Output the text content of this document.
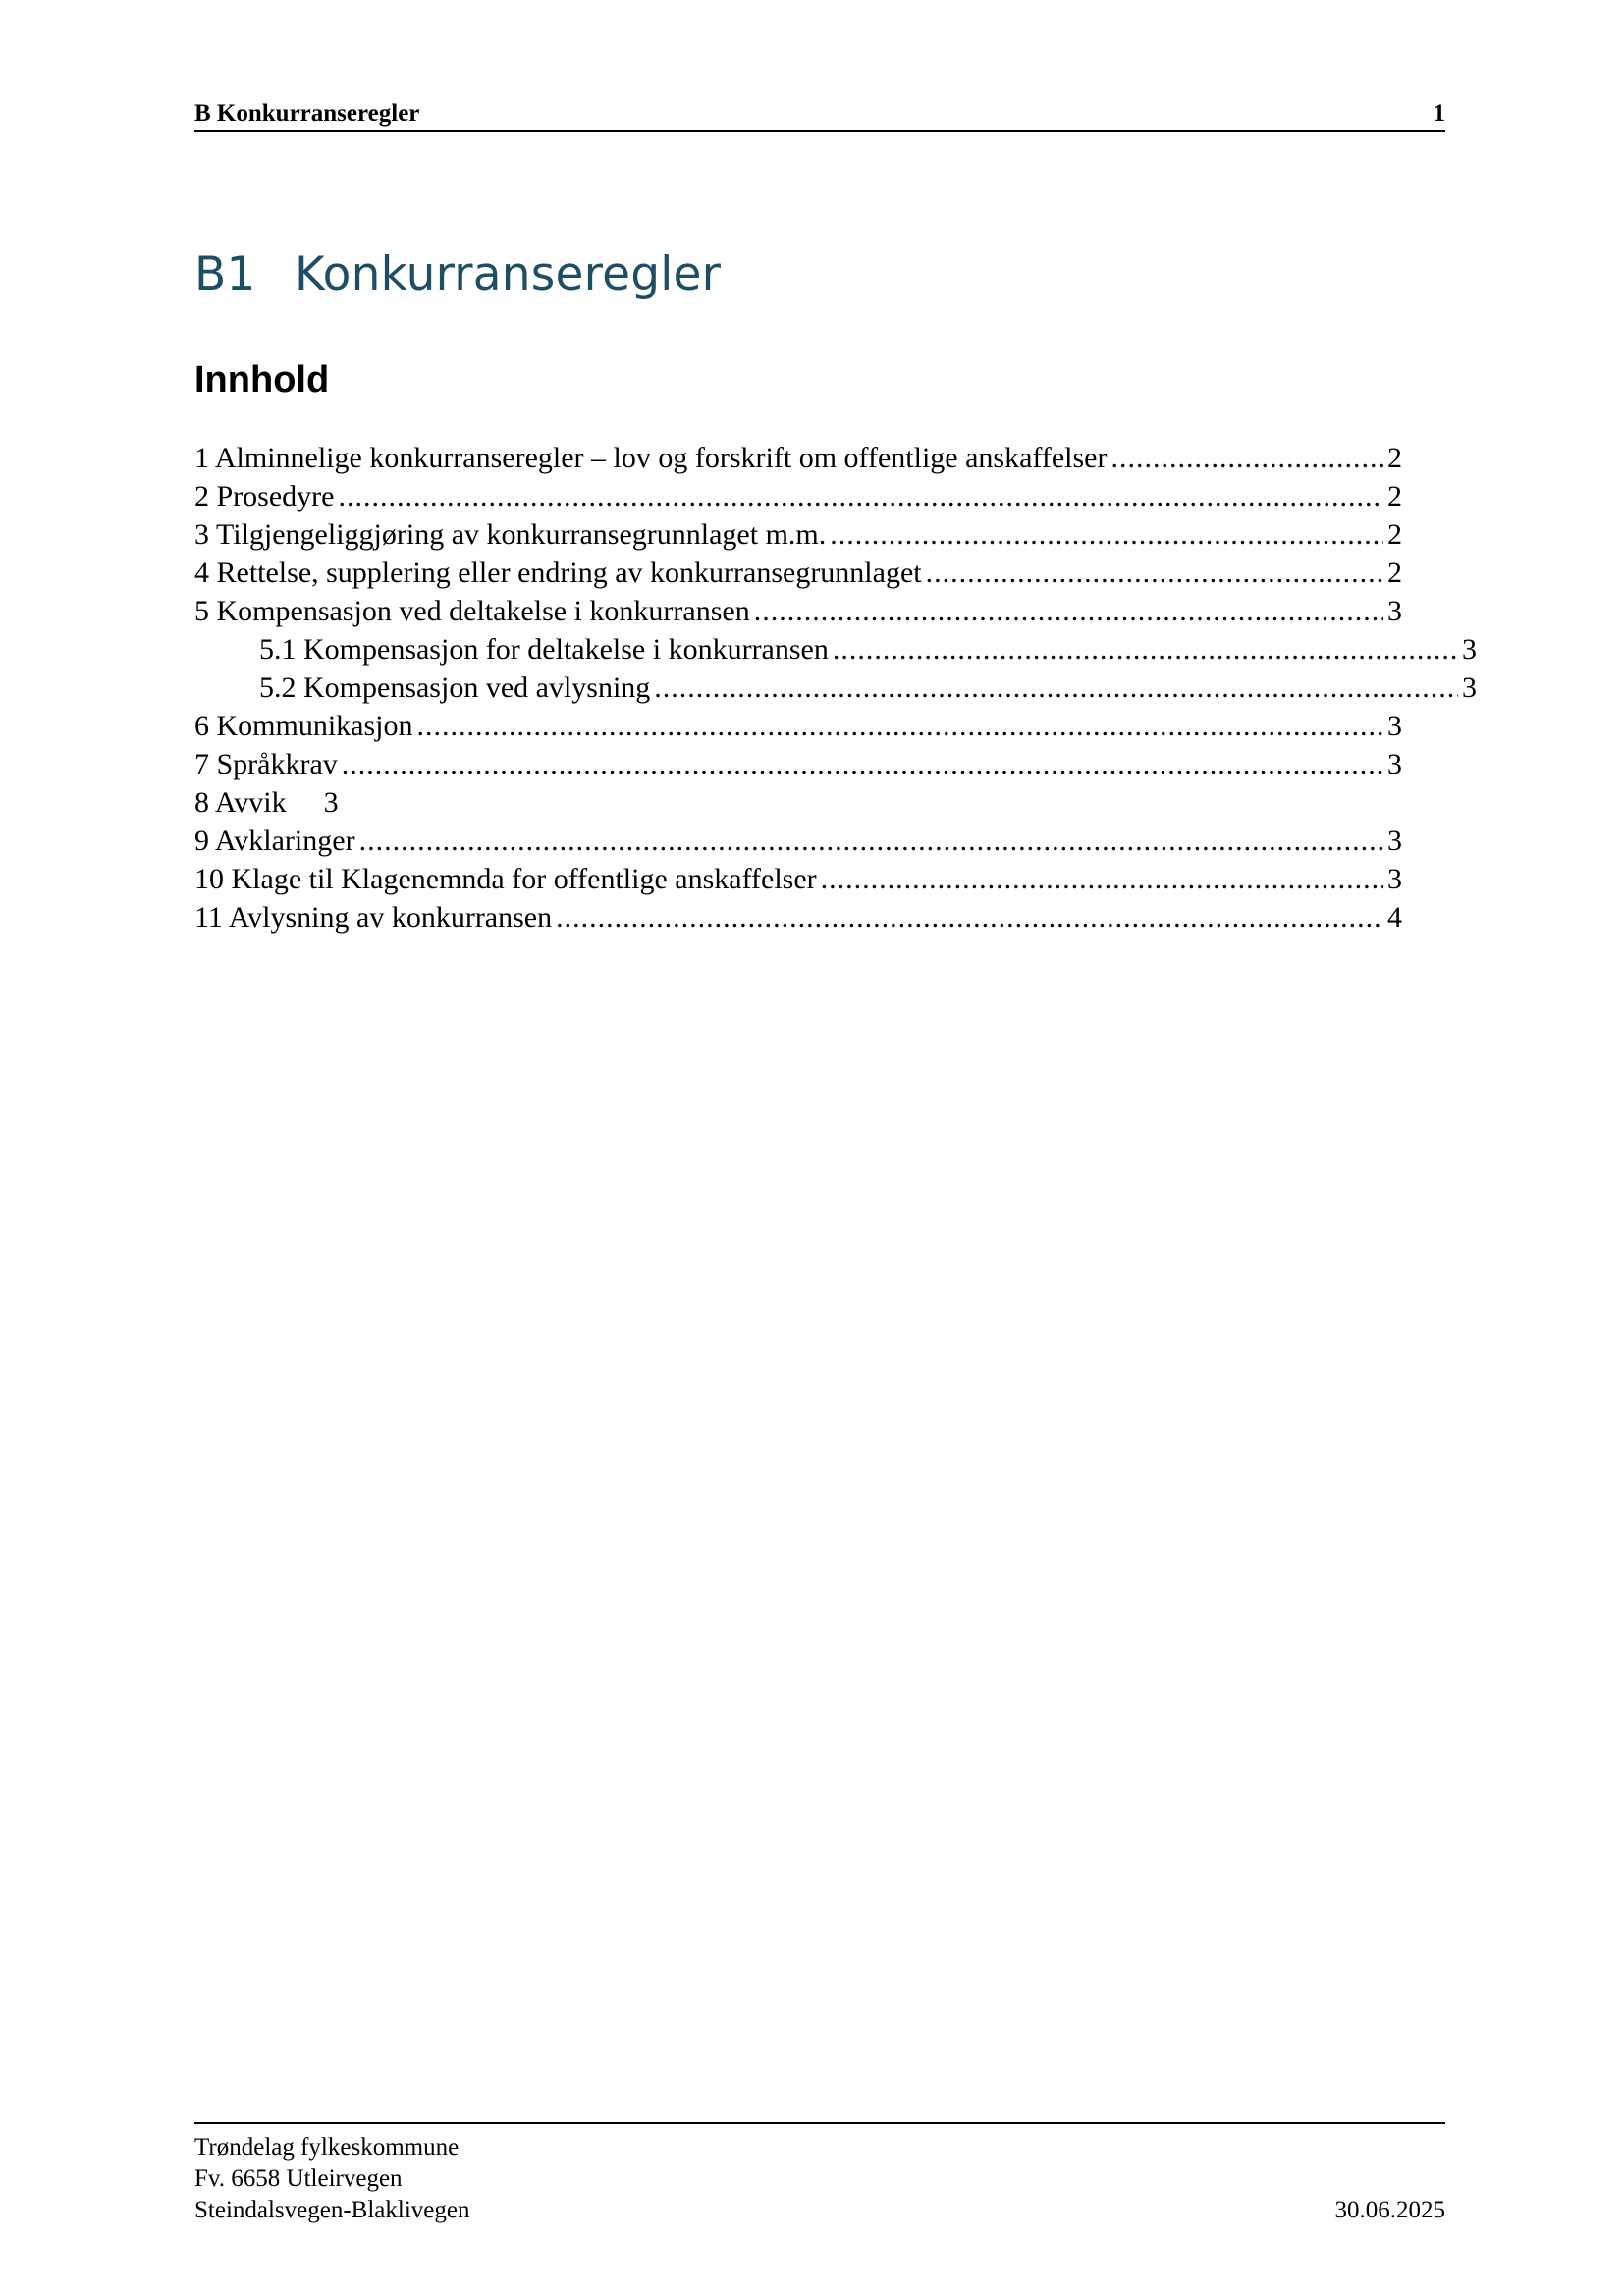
B Konkurranseregler	1
B1 Konkurranseregler
Innhold
1 Alminnelige konkurranseregler – lov og forskrift om offentlige anskaffelser .....	2
2 Prosedyre .....	2
3 Tilgjengeliggjøring av konkurransegrunnlaget m.m. .....	2
4 Rettelse, supplering eller endring av konkurransegrunnlaget .....	2
5 Kompensasjon ved deltakelse i konkurransen .....	3
5.1 Kompensasjon for deltakelse i konkurransen .....	3
5.2 Kompensasjon ved avlysning .....	3
6 Kommunikasjon .....	3
7 Språkkrav .....	3
8 Avvik 3
9 Avklaringer .....	3
10 Klage til Klagenemnda for offentlige anskaffelser .....	3
11 Avlysning av konkurransen .....	4
Trøndelag fylkeskommune
Fv. 6658 Utleirvegen
Steindalsvegen-Blaklivegen	30.06.2025
